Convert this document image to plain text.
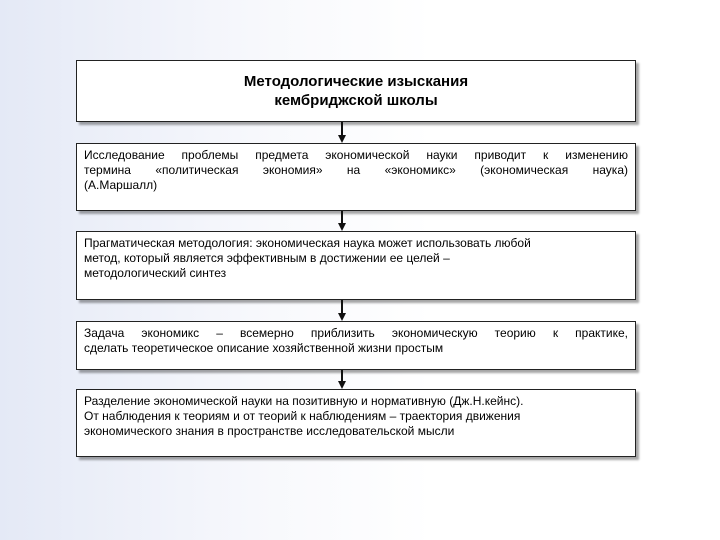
Методологические изыскания
кембриджской школы
Исследование проблемы предмета экономической науки приводит к изменению
термина «политическая экономия» на «экономикс» (экономическая наука)
(А.Маршалл)
Прагматическая методология: экономическая наука может использовать любой
метод, который является эффективным в достижении ее целей –
методологический синтез
Задача экономикс – всемерно приблизить экономическую теорию к практике,
сделать теоретическое описание хозяйственной жизни простым
Разделение экономической науки на позитивную и нормативную (Дж.Н.кейнс).
От наблюдения к теориям и от теорий к наблюдениям – траектория движения
экономического знания в пространстве исследовательской мысли
